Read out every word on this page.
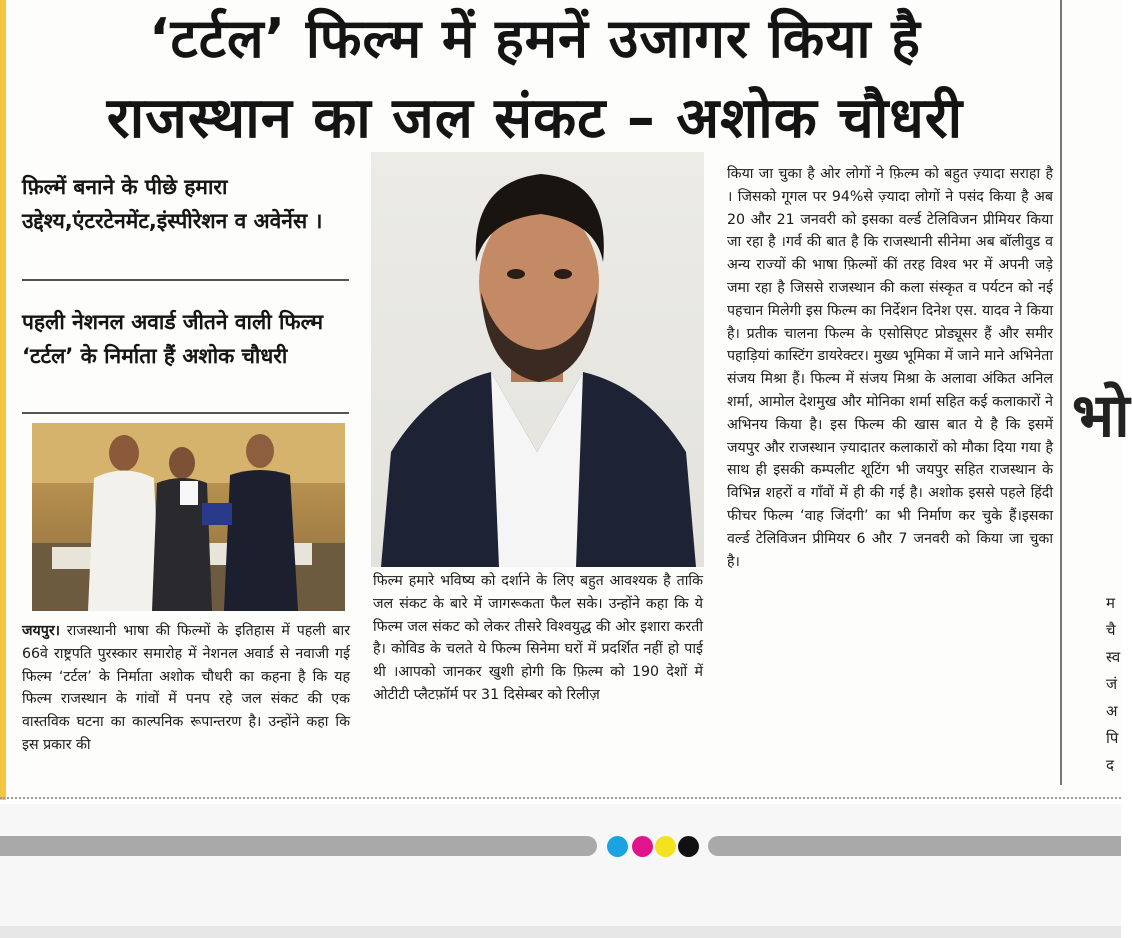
‘टर्टल’ फिल्म में हमनें उजागर किया है
राजस्थान का जल संकट – अशोक चौधरी
फ़िल्में बनाने के पीछे हमारा उद्देश्य,एंटरटेनमेंट,इंस्पीरेशन व अवेर्नेस ।
पहली नेशनल अवार्ड जीतने वाली फिल्म ‘टर्टल’ के निर्माता हैं अशोक चौधरी

जयपुर। राजस्थानी भाषा की फिल्मों के इतिहास में पहली बार 66वे राष्ट्रपति पुरस्कार समारोह में नेशनल अवार्ड से नवाजी गई फिल्म ‘टर्टल’ के निर्माता अशोक चौधरी का कहना है कि यह फिल्म राजस्थान के गांवों में पनप रहे जल संकट की एक वास्तविक घटना का काल्पनिक रूपान्तरण है। उन्होंने कहा कि इस प्रकार की

फिल्म हमारे भविष्य को दर्शाने के लिए बहुत आवश्यक है ताकि जल संकट के बारे में जागरूकता फैल सके। उन्होंने कहा कि ये फिल्म जल संकट को लेकर तीसरे विश्वयुद्ध की ओर इशारा करती है। कोविड के चलते ये फिल्म सिनेमा घरों में प्रदर्शित नहीं हो पाई थी ।आपको जानकर खुशी होगी कि फ़िल्म को 190 देशों में ओटीटी प्लैटफ़ॉर्म पर 31 दिसेम्बर को रिलीज़

किया जा चुका है ओर लोगों ने फ़िल्म को बहुत ज़्यादा सराहा है । जिसको गूगल पर 94%से ज़्यादा लोगों ने पसंद किया है अब 20 और 21 जनवरी को इसका वर्ल्ड टेलिविजन प्रीमियर किया जा रहा है ।गर्व की बात है कि राजस्थानी सीनेमा अब बॉलीवुड व अन्य राज्यों की भाषा फ़िल्मों कीं तरह विश्व भर में अपनी जड़े जमा रहा है जिससे राजस्थान की कला संस्कृत व पर्यटन को नई पहचान मिलेगी इस फिल्म का निर्देशन दिनेश एस. यादव ने किया है। प्रतीक चालना फिल्म के एसोसिएट प्रोड्यूसर हैं और समीर पहाड़ियां कास्टिंग डायरेक्टर। मुख्य भूमिका में जाने माने अभिनेता संजय मिश्रा हैं। फिल्म में संजय मिश्रा के अलावा अंकित अनिल शर्मा, आमोल देशमुख और मोनिका शर्मा सहित कई कलाकारों ने अभिनय किया है। इस फिल्म की खास बात ये है कि इसमें जयपुर और राजस्थान ज़्यादातर कलाकारों को मौका दिया गया है साथ ही इसकी कम्पलीट शूटिंग भी जयपुर सहित राजस्थान के विभिन्न शहरों व गाँवों में ही की गई है। अशोक इससे पहले हिंदी फीचर फिल्म ‘वाह जिंदगी’ का भी निर्माण कर चुके हैं।इसका वर्ल्ड टेलिविजन प्रीमियर 6 और 7 जनवरी को किया जा चुका है।

भो
म
चै
स्व
जं
अ
पि
द
